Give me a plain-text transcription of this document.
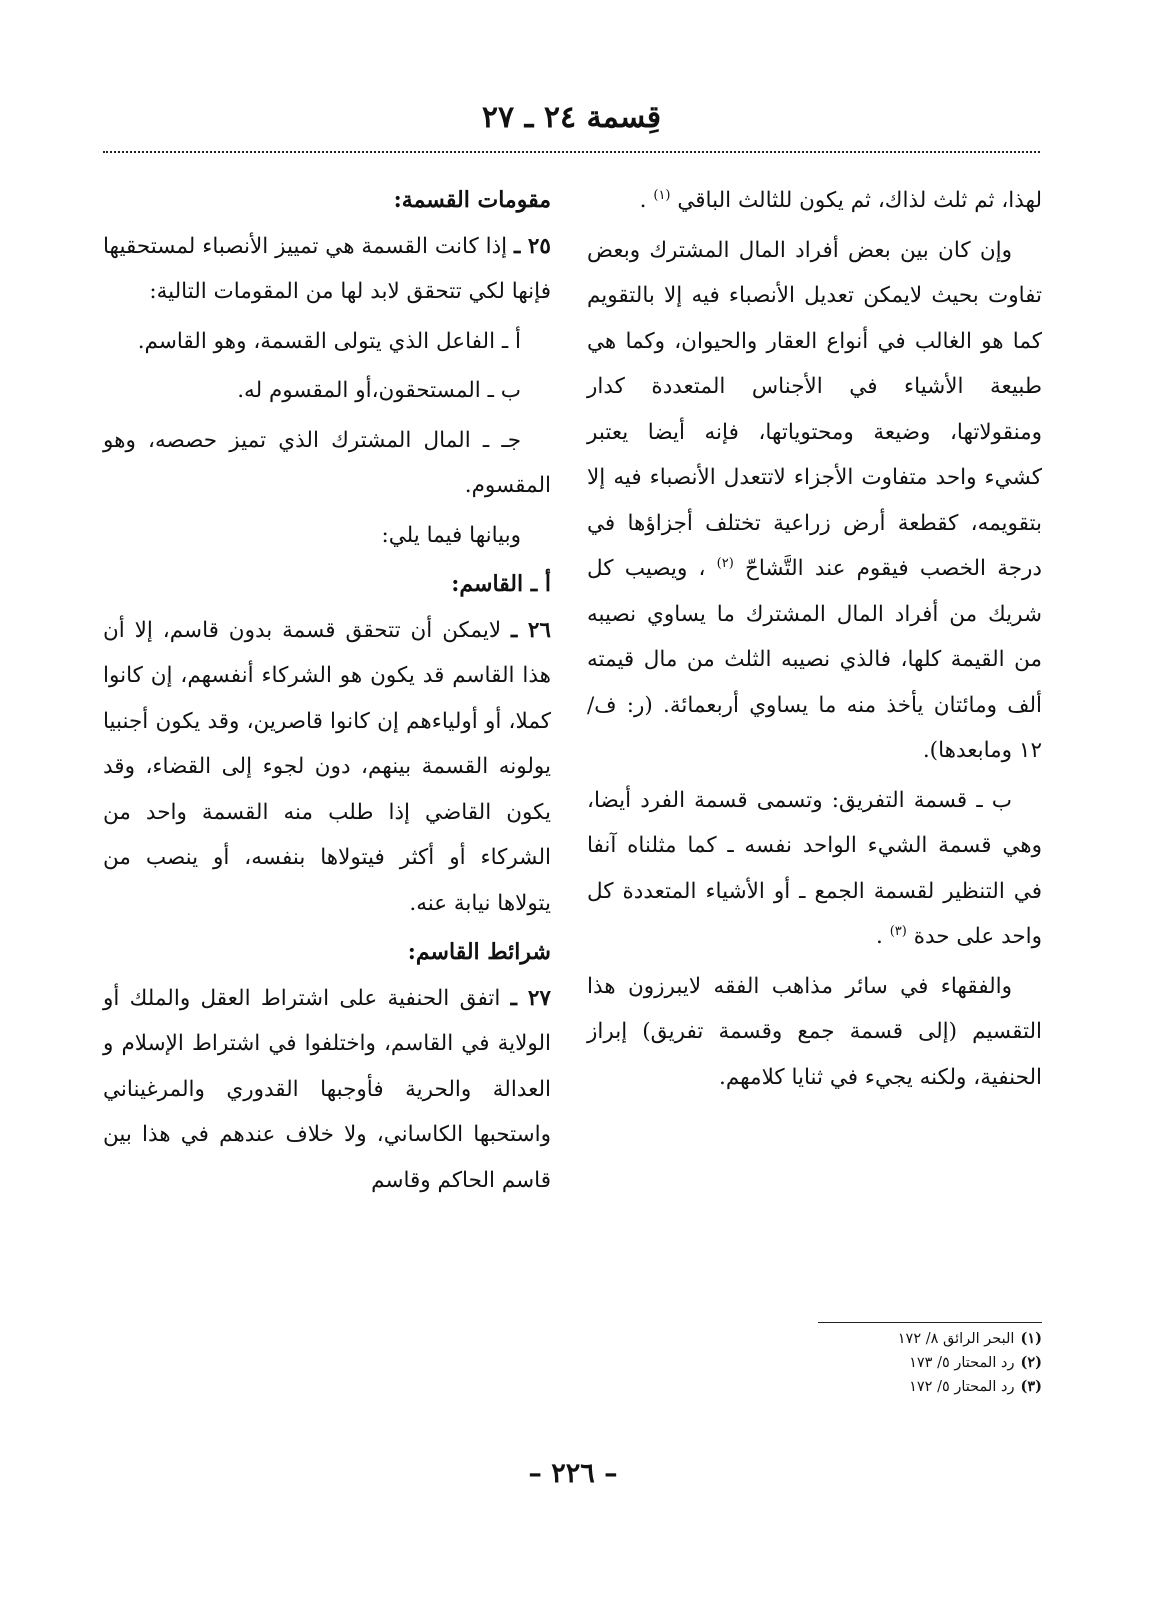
قِسمة ٢٤ ـ ٢٧

لهذا، ثم ثلث لذاك، ثم يكون للثالث الباقي $^{(١)}$ .

وإن كان بين بعض أفراد المال المشترك وبعض تفاوت بحيث لايمكن تعديل الأنصباء فيه إلا بالتقويم كما هو الغالب في أنواع العقار والحيوان، وكما هي طبيعة الأشياء في الأجناس المتعددة كدار ومنقولاتها، وضيعة ومحتوياتها، فإنه أيضا يعتبر كشيء واحد متفاوت الأجزاء لاتتعدل الأنصباء فيه إلا بتقويمه، كقطعة أرض زراعية تختلف أجزاؤها في درجة الخصب فيقوم عند التَّشاحّ $^{(٢)}$ ، ويصيب كل شريك من أفراد المال المشترك ما يساوي نصيبه من القيمة كلها، فالذي نصيبه الثلث من مال قيمته ألف ومائتان يأخذ منه ما يساوي أربعمائة. (ر: ف/ ١٢ ومابعدها).

ب ـ قسمة التفريق: وتسمى قسمة الفرد أيضا، وهي قسمة الشيء الواحد نفسه ـ كما مثلناه آنفا في التنظير لقسمة الجمع ـ أو الأشياء المتعددة كل واحد على حدة $^{(٣)}$ .

والفقهاء في سائر مذاهب الفقه لايبرزون هذا التقسيم (إلى قسمة جمع وقسمة تفريق) إبراز الحنفية، ولكنه يجيء في ثنايا كلامهم.

مقومات القسمة:

٢٥ ـ إذا كانت القسمة هي تمييز الأنصباء لمستحقيها فإنها لكي تتحقق لابد لها من المقومات التالية:

أ ـ الفاعل الذي يتولى القسمة، وهو القاسم.

ب ـ المستحقون،أو المقسوم له.

جـ ـ المال المشترك الذي تميز حصصه، وهو المقسوم.

وبيانها فيما يلي:

أ ـ القاسم:

٢٦ ـ لايمكن أن تتحقق قسمة بدون قاسم، إلا أن هذا القاسم قد يكون هو الشركاء أنفسهم، إن كانوا كملا، أو أولياءهم إن كانوا قاصرين، وقد يكون أجنبيا يولونه القسمة بينهم، دون لجوء إلى القضاء، وقد يكون القاضي إذا طلب منه القسمة واحد من الشركاء أو أكثر فيتولاها بنفسه، أو ينصب من يتولاها نيابة عنه.

شرائط القاسم:

٢٧ ـ اتفق الحنفية على اشتراط العقل والملك أو الولاية في القاسم، واختلفوا في اشتراط الإسلام و العدالة والحرية فأوجبها القدوري والمرغيناني واستحبها الكاساني، ولا خلاف عندهم في هذا بين قاسم الحاكم وقاسم

(١)البحر الرائق ٨/ ١٧٢
(٢)رد المحتار ٥/ ١٧٣
(٣)رد المحتار ٥/ ١٧٢
– ٢٢٦ –
